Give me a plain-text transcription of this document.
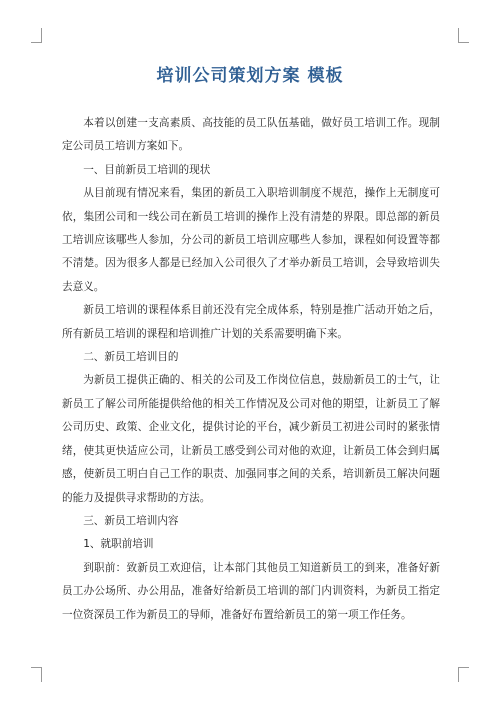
培训公司策划方案 模板

本着以创建一支高素质、高技能的员工队伍基础，做好员工培训工作。现制定公司员工培训方案如下。

一、目前新员工培训的现状

从目前现有情况来看，集团的新员工入职培训制度不规范，操作上无制度可依，集团公司和一线公司在新员工培训的操作上没有清楚的界限。即总部的新员工培训应该哪些人参加，分公司的新员工培训应哪些人参加，课程如何设置等都不清楚。因为很多人都是已经加入公司很久了才举办新员工培训，会导致培训失去意义。

新员工培训的课程体系目前还没有完全成体系，特别是推广活动开始之后，所有新员工培训的课程和培训推广计划的关系需要明确下来。

二、新员工培训目的

为新员工提供正确的、相关的公司及工作岗位信息，鼓励新员工的士气，让新员工了解公司所能提供给他的相关工作情况及公司对他的期望，让新员工了解公司历史、政策、企业文化，提供讨论的平台，减少新员工初进公司时的紧张情绪，使其更快适应公司，让新员工感受到公司对他的欢迎，让新员工体会到归属感，使新员工明白自己工作的职责、加强同事之间的关系，培训新员工解决问题的能力及提供寻求帮助的方法。

三、新员工培训内容

1、就职前培训

到职前：致新员工欢迎信，让本部门其他员工知道新员工的到来，准备好新员工办公场所、办公用品，准备好给新员工培训的部门内训资料，为新员工指定一位资深员工作为新员工的导师，准备好布置给新员工的第一项工作任务。
